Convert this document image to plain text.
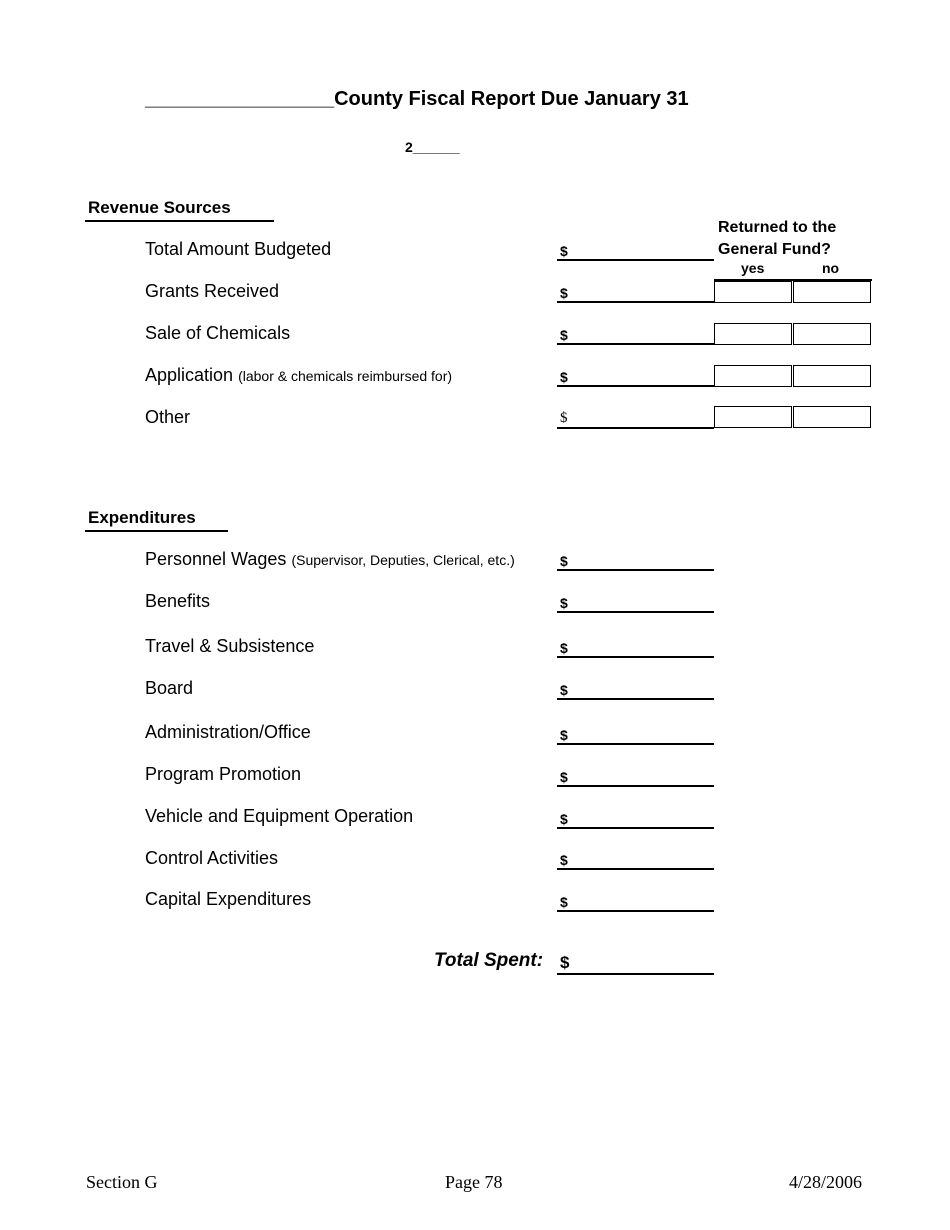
_________________County Fiscal Report Due January 31
2______
Revenue Sources
Returned to the
General Fund?
yes	no
Total Amount Budgeted	$
Grants Received	$
Sale of Chemicals	$
Application (labor & chemicals reimbursed for)	$
Other	$
Expenditures
Personnel Wages (Supervisor, Deputies, Clerical, etc.)	$
Benefits	$
Travel & Subsistence	$
Board	$
Administration/Office	$
Program Promotion	$
Vehicle and Equipment Operation	$
Control Activities	$
Capital Expenditures	$
Total Spent: $
Section G	Page 78	4/28/2006
